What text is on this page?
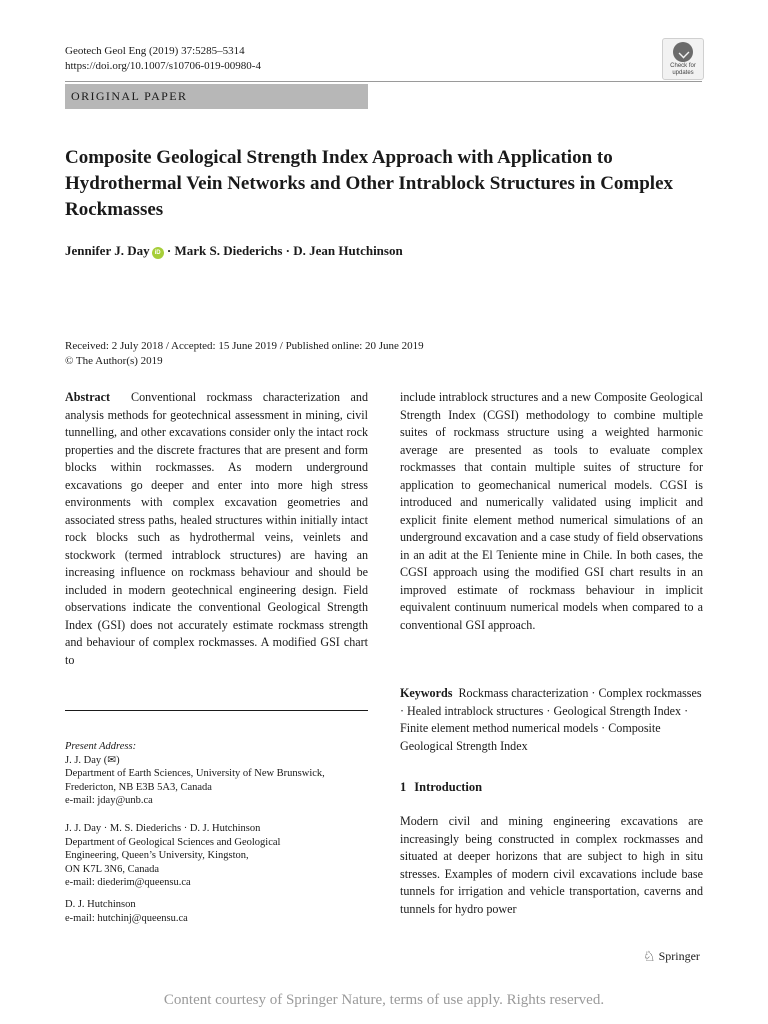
Geotech Geol Eng (2019) 37:5285–5314
https://doi.org/10.1007/s10706-019-00980-4	Check for
updates
ORIGINAL PAPER
Composite Geological Strength Index Approach with Application to Hydrothermal Vein Networks and Other Intrablock Structures in Complex Rockmasses
Jennifer J. Day iD · Mark S. Diederichs · D. Jean Hutchinson
Received: 2 July 2018 / Accepted: 15 June 2019 / Published online: 20 June 2019
© The Author(s) 2019

Abstract Conventional rockmass characterization and analysis methods for geotechnical assessment in mining, civil tunnelling, and other excavations consider only the intact rock properties and the discrete fractures that are present and form blocks within rockmasses. As modern underground excavations go deeper and enter into more high stress environments with complex excavation geometries and associated stress paths, healed structures within initially intact rock blocks such as hydrothermal veins, veinlets and stockwork (termed intrablock structures) are having an increasing influence on rockmass behaviour and should be included in modern geotechnical engineering design. Field observations indicate the conventional Geological Strength Index (GSI) does not accurately estimate rockmass strength and behaviour of complex rockmasses. A modified GSI chart to

include intrablock structures and a new Composite Geological Strength Index (CGSI) methodology to combine multiple suites of rockmass structure using a weighted harmonic average are presented as tools to evaluate complex rockmasses that contain multiple suites of structure for application to geomechanical numerical models. CGSI is introduced and numerically validated using implicit and explicit finite element method numerical simulations of an underground excavation and a case study of field observations in an adit at the El Teniente mine in Chile. In both cases, the CGSI approach using the modified GSI chart results in an improved estimate of rockmass behaviour in implicit equivalent continuum numerical models when compared to a conventional GSI approach.

Keywords Rockmass characterization · Complex rockmasses · Healed intrablock structures · Geological Strength Index · Finite element method numerical models · Composite Geological Strength Index
Present Address:
J. J. Day (✉)
Department of Earth Sciences, University of New Brunswick,
Fredericton, NB E3B 5A3, Canada
e-mail: jday@unb.ca
J. J. Day · M. S. Diederichs · D. J. Hutchinson
Department of Geological Sciences and Geological
Engineering, Queen’s University, Kingston,
ON K7L 3N6, Canada
e-mail: diederim@queensu.ca
D. J. Hutchinson
e-mail: hutchinj@queensu.ca
1 Introduction

Modern civil and mining engineering excavations are increasingly being constructed in complex rockmasses and situated at deeper horizons that are subject to high in situ stresses. Examples of modern civil excavations include base tunnels for irrigation and vehicle transportation, caverns and tunnels for hydro power

♘ Springer
Content courtesy of Springer Nature, terms of use apply. Rights reserved.
